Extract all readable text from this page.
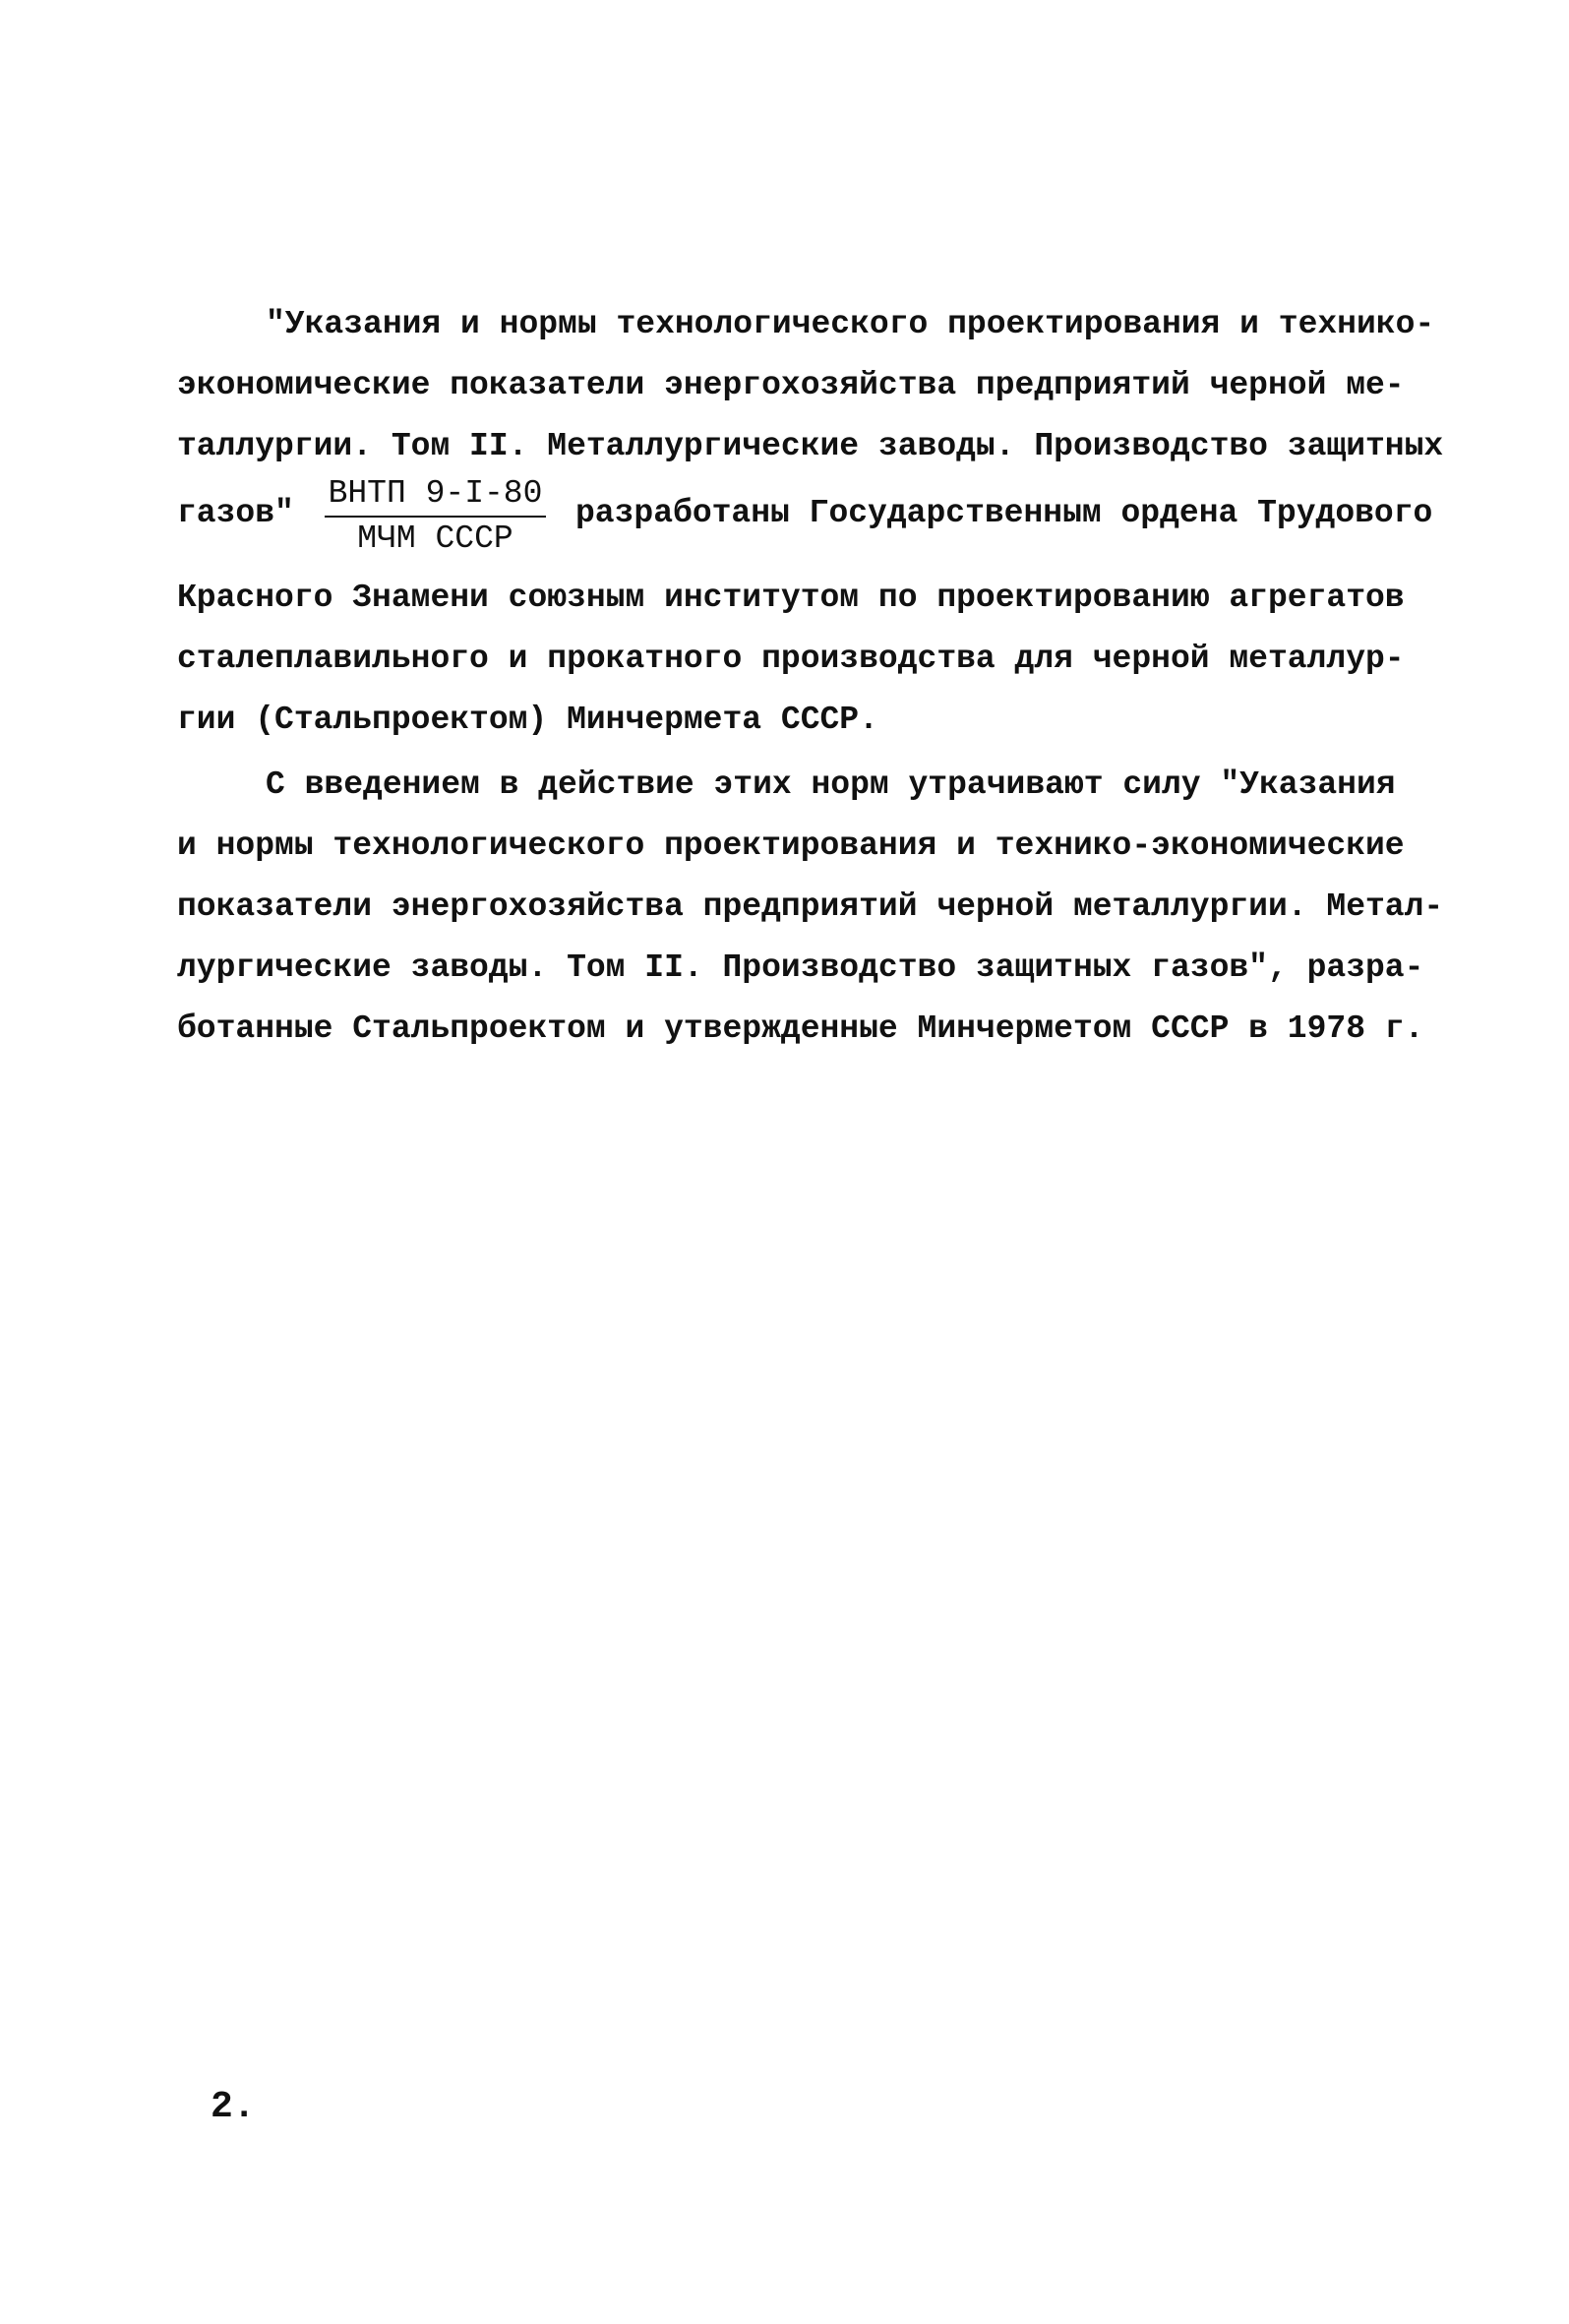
"Указания и нормы технологического проектирования и технико-
экономические показатели энергохозяйства предприятий черной ме-
таллургии. Том II. Металлургические заводы. Производство защитных
газов"
ВНТП 9-I-80
МЧМ СССР
разработаны Государственным ордена Трудового
Красного Знамени союзным институтом по проектированию агрегатов
сталеплавильного и прокатного производства для черной металлур-
гии (Стальпроектом) Минчермета СССР.
С введением в действие этих норм утрачивают силу "Указания
и нормы технологического проектирования и технико-экономические
показатели энергохозяйства предприятий черной металлургии. Метал-
лургические заводы. Том II. Производство защитных газов", разра-
ботанные Стальпроектом и утвержденные Минчерметом СССР в 1978 г.
2.
